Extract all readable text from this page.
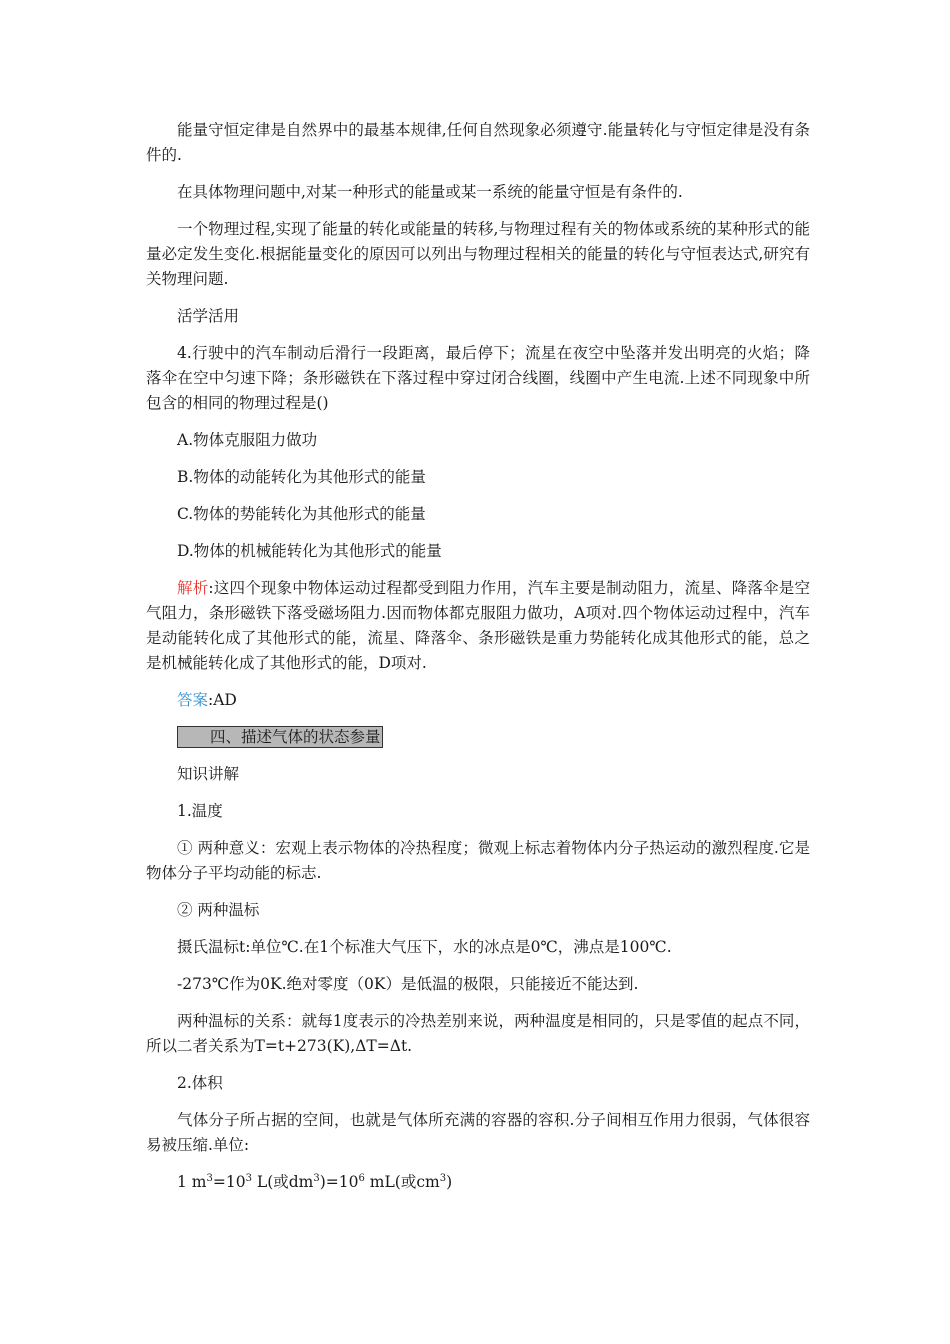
能量守恒定律是自然界中的最基本规律,任何自然现象必须遵守.能量转化与守恒定律是没有条件的.

在具体物理问题中,对某一种形式的能量或某一系统的能量守恒是有条件的.

一个物理过程,实现了能量的转化或能量的转移,与物理过程有关的物体或系统的某种形式的能量必定发生变化.根据能量变化的原因可以列出与物理过程相关的能量的转化与守恒表达式,研究有关物理问题.

活学活用

4.行驶中的汽车制动后滑行一段距离，最后停下；流星在夜空中坠落并发出明亮的火焰；降落伞在空中匀速下降；条形磁铁在下落过程中穿过闭合线圈，线圈中产生电流.上述不同现象中所包含的相同的物理过程是()

A.物体克服阻力做功

B.物体的动能转化为其他形式的能量

C.物体的势能转化为其他形式的能量

D.物体的机械能转化为其他形式的能量

解析:这四个现象中物体运动过程都受到阻力作用，汽车主要是制动阻力，流星、降落伞是空气阻力，条形磁铁下落受磁场阻力.因而物体都克服阻力做功，A项对.四个物体运动过程中，汽车是动能转化成了其他形式的能，流星、降落伞、条形磁铁是重力势能转化成其他形式的能，总之是机械能转化成了其他形式的能，D项对.

答案:AD

四、描述气体的状态参量

知识讲解

1.温度

① 两种意义：宏观上表示物体的冷热程度；微观上标志着物体内分子热运动的激烈程度.它是物体分子平均动能的标志.

② 两种温标

摄氏温标t:单位℃.在1个标准大气压下，水的冰点是0℃，沸点是100℃.

-273℃作为0K.绝对零度（0K）是低温的极限，只能接近不能达到.

两种温标的关系：就每1度表示的冷热差别来说，两种温度是相同的，只是零值的起点不同，所以二者关系为T=t+273(K),ΔT=Δt.

2.体积

气体分子所占据的空间，也就是气体所充满的容器的容积.分子间相互作用力很弱，气体很容易被压缩.单位:

1 $m^3=10^3$ L(或$dm^3)=10^6$ mL(或$cm^3$)
